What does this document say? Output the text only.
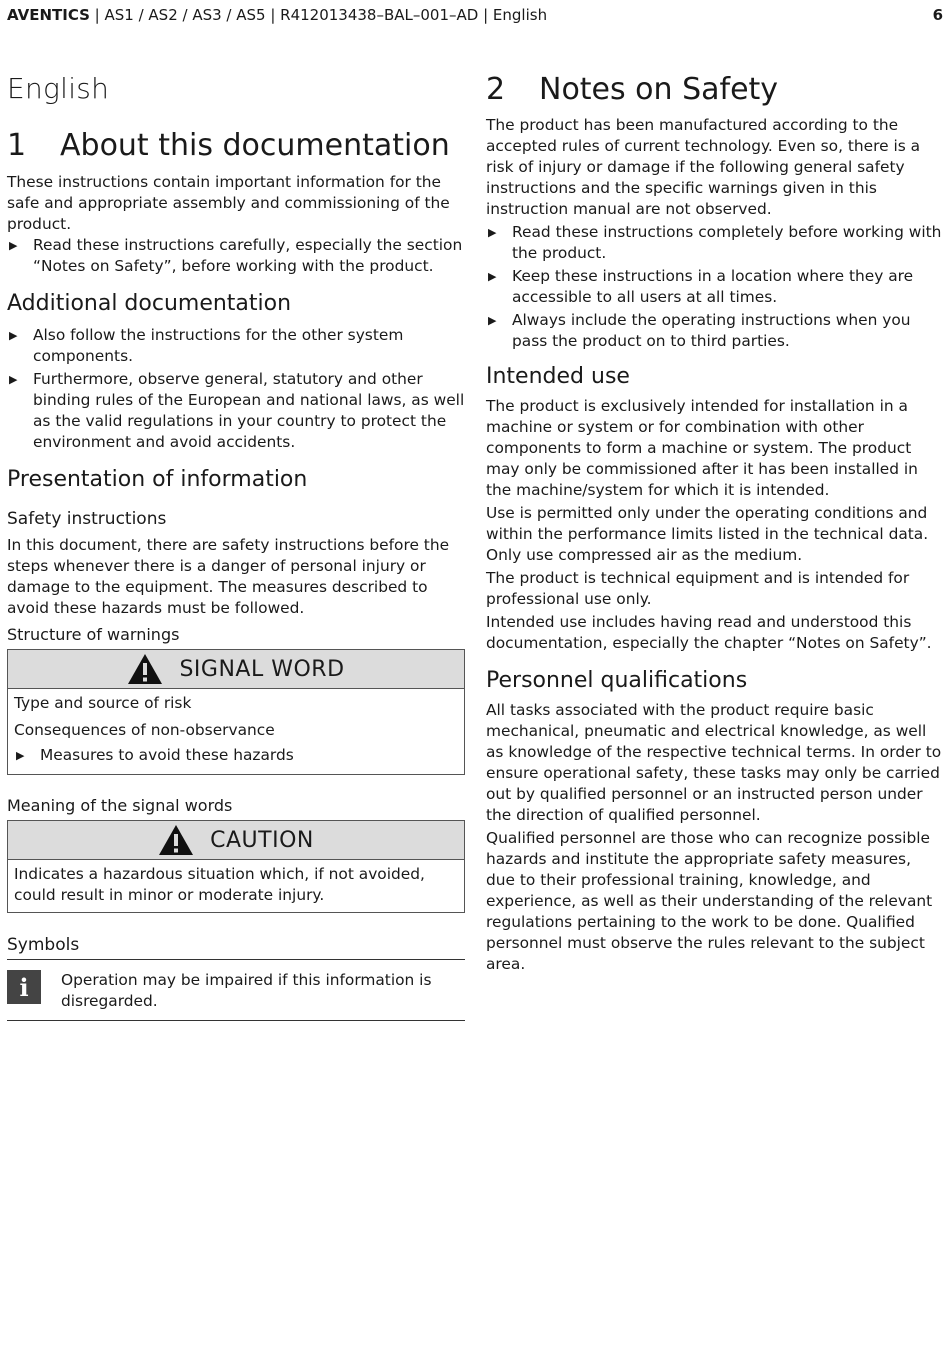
AVENTICS | AS1 / AS2 / AS3 / AS5 | R412013438–BAL–001–AD | English	6
English
1 About this documentation

These instructions contain important information for the safe and appropriate assembly and commissioning of the product.

▶ Read these instructions carefully, especially the section “Notes on Safety”, before working with the product.
Additional documentation
▶ Also follow the instructions for the other system components.
▶ Furthermore, observe general, statutory and other binding rules of the European and national laws, as well as the valid regulations in your country to protect the environment and avoid accidents.
Presentation of information
Safety instructions

In this document, there are safety instructions before the steps whenever there is a danger of personal injury or damage to the equipment. The measures described to avoid these hazards must be followed.

Structure of warnings
SIGNAL WORD

Type and source of risk

Consequences of non-observance

▶ Measures to avoid these hazards
Meaning of the signal words
CAUTION

Indicates a hazardous situation which, if not avoided, could result in minor or moderate injury.

Symbols
i	Operation may be impaired if this information is disregarded.

2 Notes on Safety

The product has been manufactured according to the accepted rules of current technology. Even so, there is a risk of injury or damage if the following general safety instructions and the specific warnings given in this instruction manual are not observed.

▶ Read these instructions completely before working with the product.
▶ Keep these instructions in a location where they are accessible to all users at all times.
▶ Always include the operating instructions when you pass the product on to third parties.
Intended use

The product is exclusively intended for installation in a machine or system or for combination with other components to form a machine or system. The product may only be commissioned after it has been installed in the machine/system for which it is intended.

Use is permitted only under the operating conditions and within the performance limits listed in the technical data. Only use compressed air as the medium.

The product is technical equipment and is intended for professional use only.

Intended use includes having read and understood this documentation, especially the chapter “Notes on Safety”.

Personnel qualifications

All tasks associated with the product require basic mechanical, pneumatic and electrical knowledge, as well as knowledge of the respective technical terms. In order to ensure operational safety, these tasks may only be carried out by qualified personnel or an instructed person under the direction of qualified personnel.

Qualified personnel are those who can recognize possible hazards and institute the appropriate safety measures, due to their professional training, knowledge, and experience, as well as their understanding of the relevant regulations pertaining to the work to be done. Qualified personnel must observe the rules relevant to the subject area.
